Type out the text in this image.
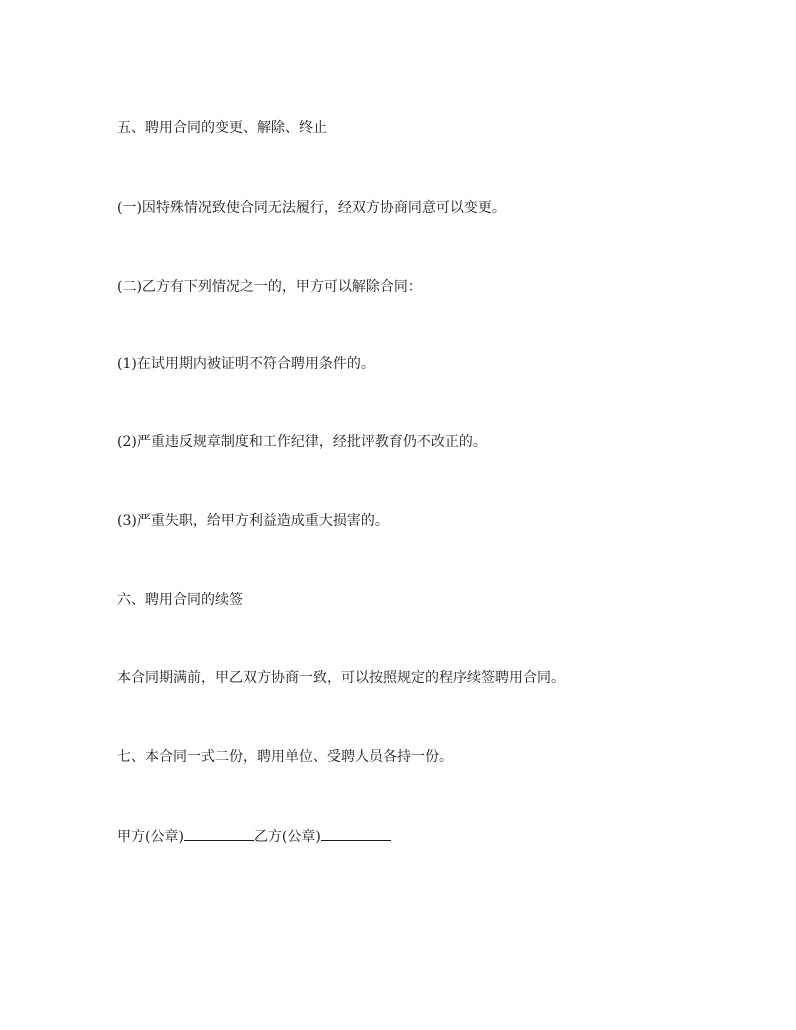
五、聘用合同的变更、解除、终止

(一)因特殊情况致使合同无法履行，经双方协商同意可以变更。

(二)乙方有下列情况之一的，甲方可以解除合同：

(1)在试用期内被证明不符合聘用条件的。

(2)严重违反规章制度和工作纪律，经批评教育仍不改正的。

(3)严重失职，给甲方利益造成重大损害的。

六、聘用合同的续签

本合同期满前，甲乙双方协商一致，可以按照规定的程序续签聘用合同。

七、本合同一式二份，聘用单位、受聘人员各持一份。

甲方(公章)	乙方(公章)
